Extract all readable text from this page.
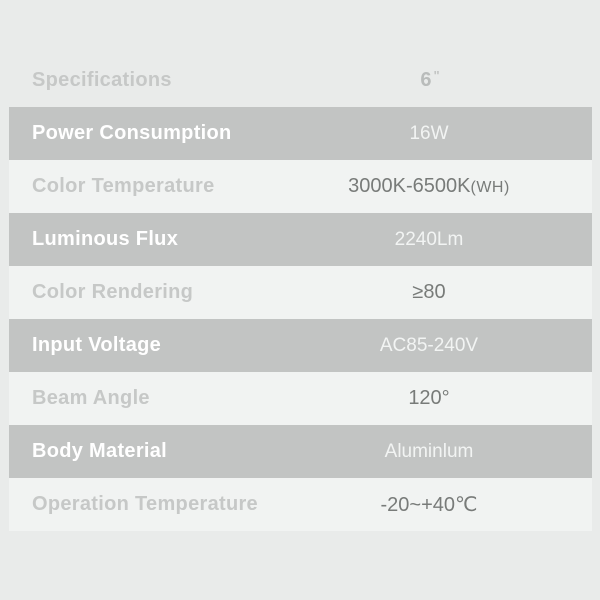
Specifications	6 "
Power Consumption	16W
Color Temperature	3000K-6500K(WH)
Luminous Flux	2240Lm
Color Rendering	≥80
Input Voltage	AC85-240V
Beam Angle	120°
Body Material	Aluminlum
Operation Temperature	-20~+40℃
